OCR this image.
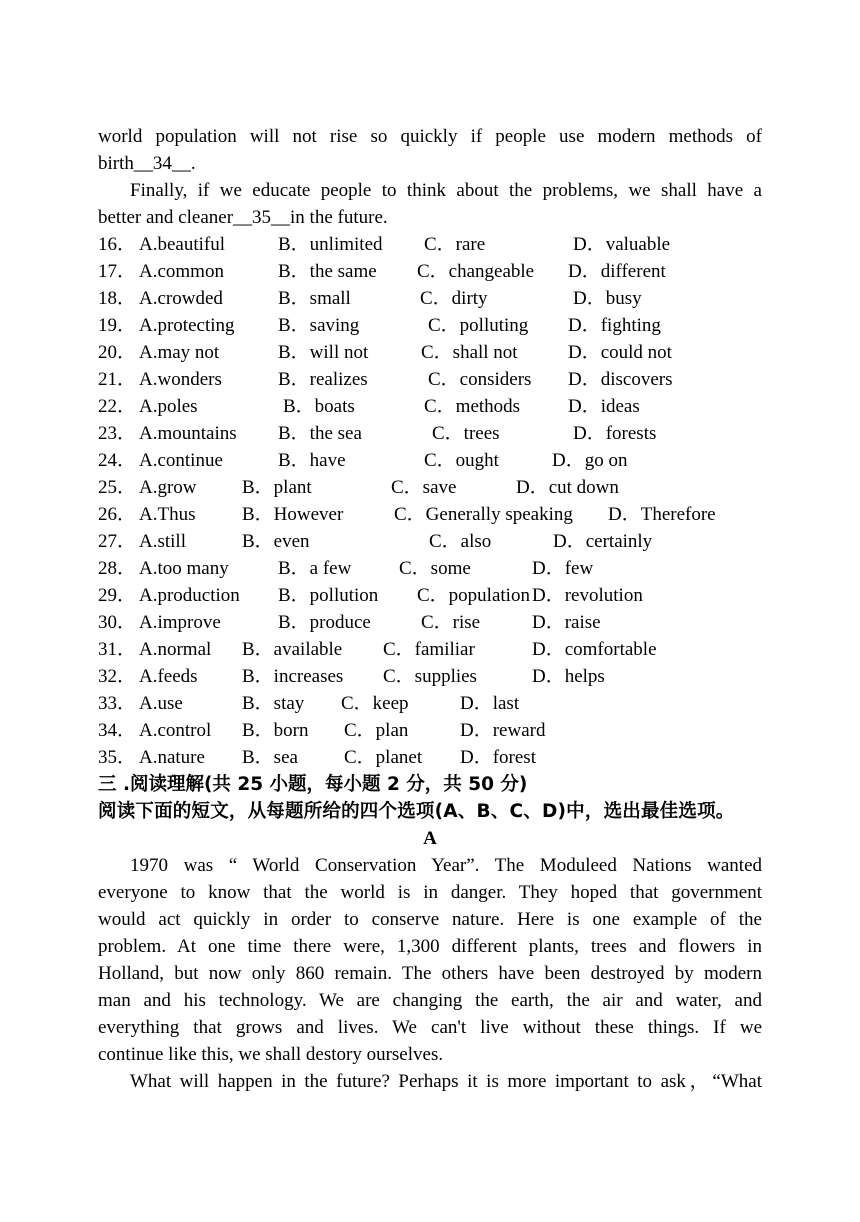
world population will not rise so quickly if people use modern methods of
birth__34__.
Finally, if we educate people to think about the problems, we shall have a
better and cleaner__35__in the future.
16． A.beautiful	B．unlimited C．rare	D．valuable
17． A.common	B．the same C．changeable D．different
18． A.crowded	B．small	C．dirty	D．busy
19． A.protecting B．saving	C．polluting D．fighting
20． A.may not	B．will not	C．shall not	D．could not
21． A.wonders	B．realizes	C．considers D．discovers
22． A.poles	B．boats	C．methods	D．ideas
23． A.mountains B．the sea	C．trees	D．forests
24． A.continue	B．have	C．ought	D．go on
25． A.grow B．plant	C．save	D．cut down
26． A.Thus B．However	C．Generally speaking D．Therefore
27． A.still	B．even	C．also	D．certainly
28． A.too many	B．a few	C．some	D．few
29． A.production B．pollution C．population D．revolution
30． A.improve	B．produce	C．rise	D．raise
31． A.normal B．available C．familiar	D．comfortable
32． A.feeds B．increases C．supplies	D．helps
33． A.use	B．stay C．keep	D．last
34． A.control B．born C．plan	D．reward
35． A.nature B．sea C．planet D．forest
三 .阅读理解(共 25 小题，每小题 2 分，共 50 分)
阅读下面的短文，从每题所给的四个选项(A、B、C、D)中，选出最佳选项。
A
1970 was “ World Conservation Year”. The Moduleed Nations wanted
everyone to know that the world is in danger. They hoped that government
would act quickly in order to conserve nature. Here is one example of the
problem. At one time there were, 1,300 different plants, trees and flowers in
Holland, but now only 860 remain. The others have been destroyed by modern
man and his technology. We are changing the earth, the air and water, and
everything that grows and lives. We can't live without these things. If we
continue like this, we shall destory ourselves.
What will happen in the future? Perhaps it is more important to ask，“What
